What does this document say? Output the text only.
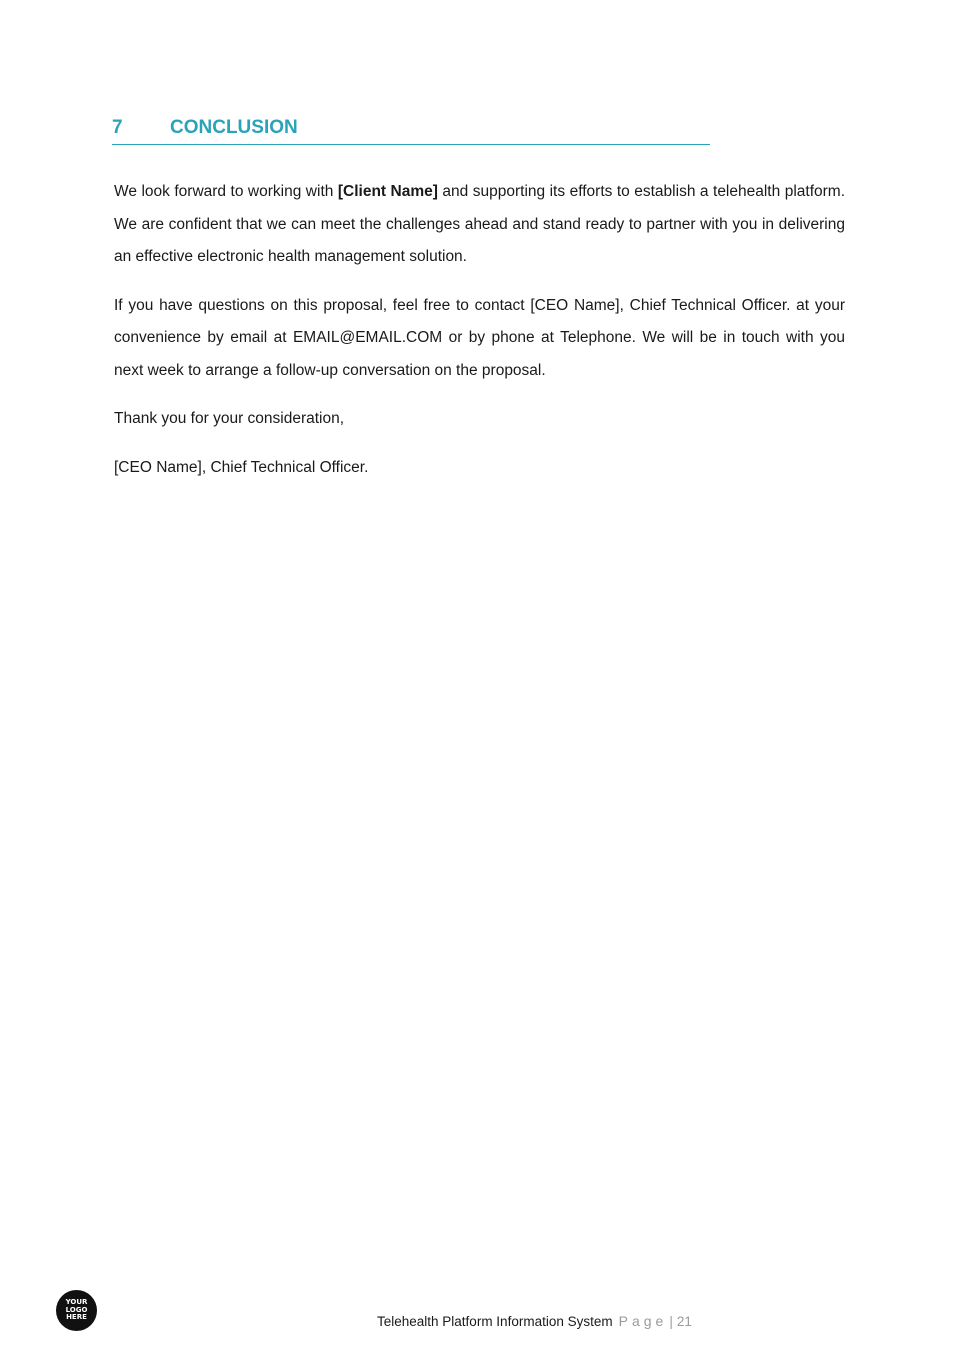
7 CONCLUSION

We look forward to working with [Client Name] and supporting its efforts to establish a telehealth platform. We are confident that we can meet the challenges ahead and stand ready to partner with you in delivering an effective electronic health management solution.

If you have questions on this proposal, feel free to contact [CEO Name], Chief Technical Officer. at your convenience by email at EMAIL@EMAIL.COM or by phone at Telephone. We will be in touch with you next week to arrange a follow-up conversation on the proposal.

Thank you for your consideration,

[CEO Name], Chief Technical Officer.

YOUR
LOGO
HERE	Telehealth Platform Information System Page | 21
